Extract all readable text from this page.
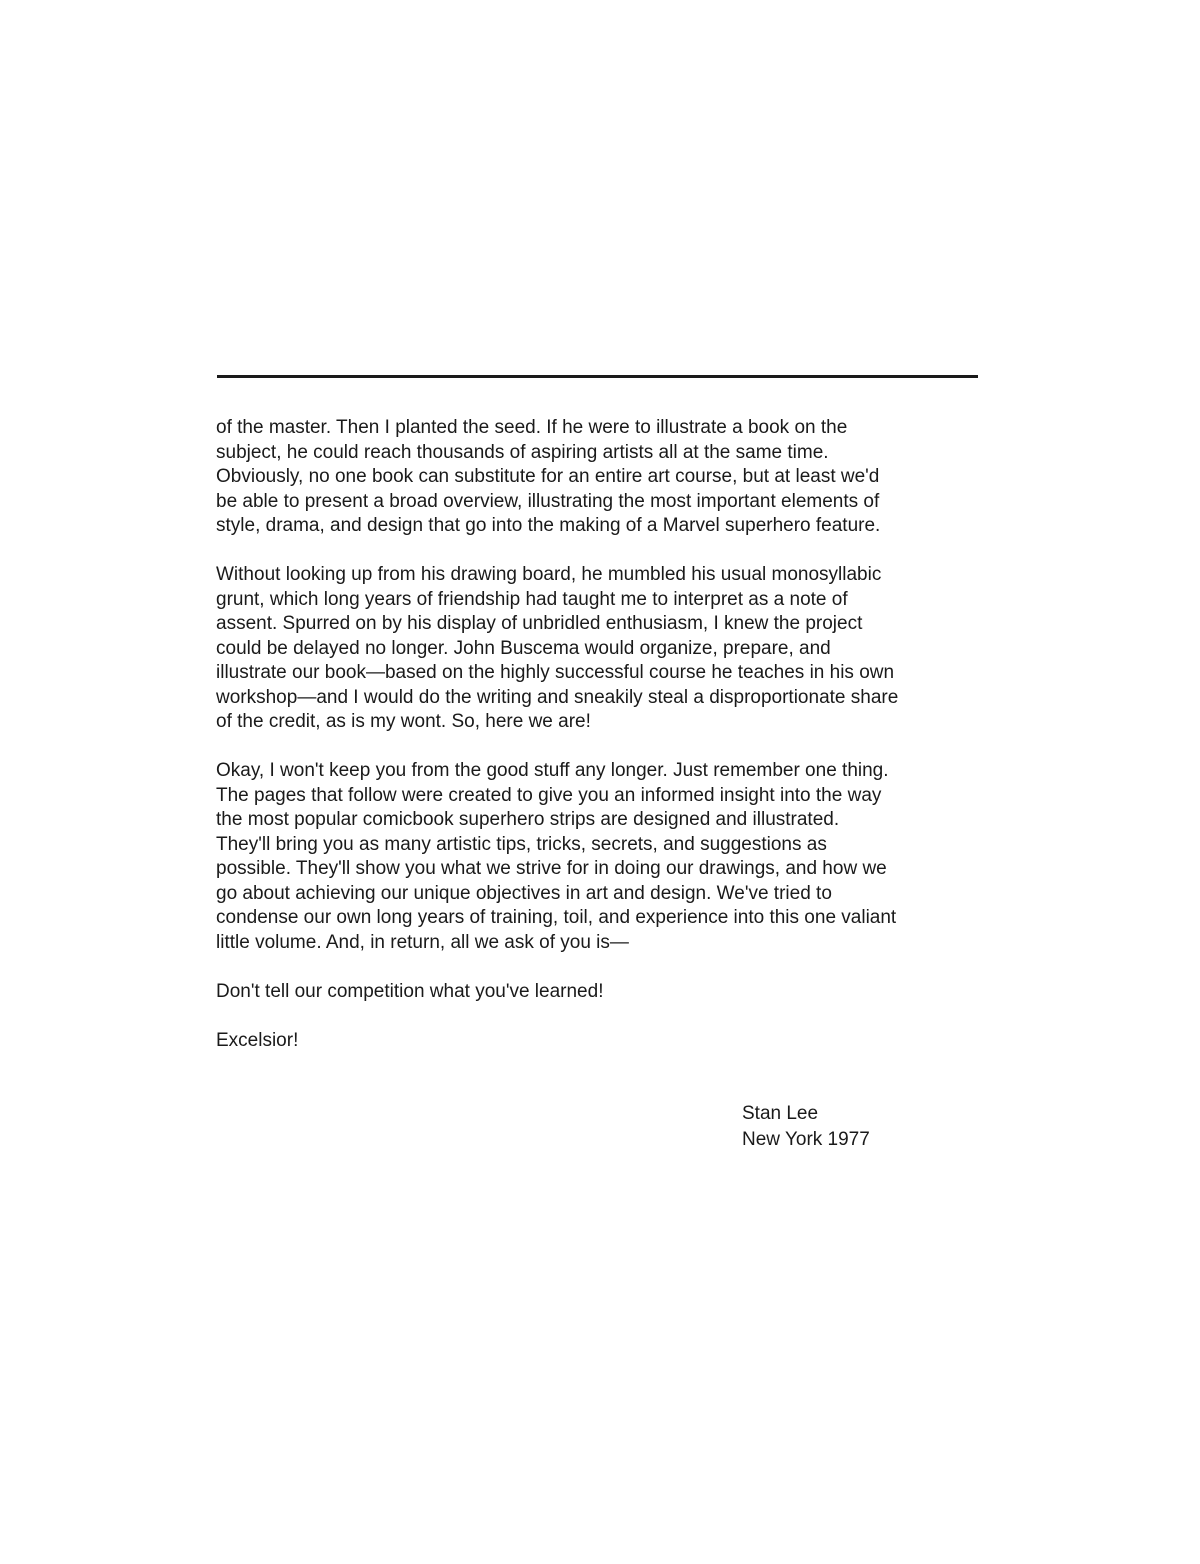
of the master. Then I planted the seed. If he were to illustrate a book on the
subject, he could reach thousands of aspiring artists all at the same time.
Obviously, no one book can substitute for an entire art course, but at least we'd
be able to present a broad overview, illustrating the most important elements of
style, drama, and design that go into the making of a Marvel superhero feature.

Without looking up from his drawing board, he mumbled his usual monosyllabic
grunt, which long years of friendship had taught me to interpret as a note of
assent. Spurred on by his display of unbridled enthusiasm, I knew the project
could be delayed no longer. John Buscema would organize, prepare, and
illustrate our book—based on the highly successful course he teaches in his own
workshop—and I would do the writing and sneakily steal a disproportionate share
of the credit, as is my wont. So, here we are!

Okay, I won't keep you from the good stuff any longer. Just remember one thing.
The pages that follow were created to give you an informed insight into the way
the most popular comicbook superhero strips are designed and illustrated.
They'll bring you as many artistic tips, tricks, secrets, and suggestions as
possible. They'll show you what we strive for in doing our drawings, and how we
go about achieving our unique objectives in art and design. We've tried to
condense our own long years of training, toil, and experience into this one valiant
little volume. And, in return, all we ask of you is—

Don't tell our competition what you've learned!

Excelsior!

Stan Lee
New York 1977
